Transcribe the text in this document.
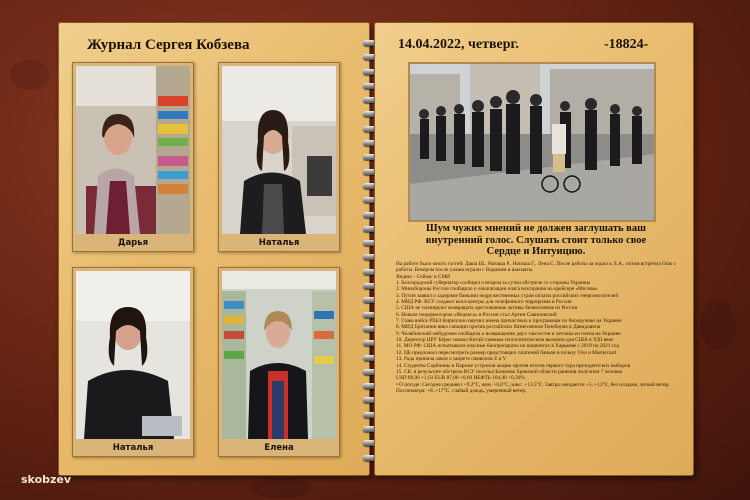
Журнал Сергея Кобзева
Дарья	Наталья
Наталья	Елена
14.04.2022, четверг.	-18824-
Шум чужих мнений не должен заглушать ваш внутренний голос. Слушать стоит только свое Сердце и Интуицию.

На работе было много гостей: Даша Ш., Наташа Р., Наташа Г., Лена С. После работы за ходил к Л.А., потом встретил Олю с работы. Вечером после ужина играли с Вадимом в шахматы.

Яндекс - Сейчас в СМИ

1. Белгородский губернатор сообщил о втором за сутки обстреле со стороны Украины

2. Минобороны России сообщило о локализации очага возгорания на крейсере «Москва»

3. Путин заявил о задержке банками недружественных стран оплаты российских энергоносителей

4. МВД РФ: ВСУ создают колл-центры для телефонного терроризма в России

5. США не планируют возвращать арестованные активы бизнесменов из России

6. Новым гендиректором «Яндекса» в России стал Артем Савиновский

7. Глава войск РХБЗ Кириллов озвучил имена причастных к программам по биооружию на Украине

8. МИД Британии ввел санкции против российских бизнесменов Тенебаума и Давидовича

9. Челябинский омбудсмен сообщила о возвращении двух таксистов и летчика из плена на Украине

10. Директор ЦРУ Бёрнс назвал Китай главным геополитическим вызовом для США в XXI веке

11. МО РФ: США испытывали опасные биопрепараты на пациентах в Харькове с 2019 по 2021 год

12. ЦБ предложил пересмотреть размер предстоящих платежей банков в пользу Visa и Mastercard

13. Рада приняла закон о запрете символов Z и V

14. Студенты Сорбонны в Париже устроили акцию против итогов первого тура президентских выборов

15. СК: в результате обстрела ВСУ поселка Климово Брянской области ранения получили 7 человек

USD 80,90 +1,03 EUR 87,00 +0,60 НЕФТЬ 104,49 +0,30%

• О погоде: Сегодня средняя t +9,2°C, мин. +6,6°C, макс. +13,5°C. Завтра ожидается +5..+13°C, без осадков, легкий ветер. Послезавтра: +8..+17°C, слабый дождь, умеренный ветер.

skobzev
